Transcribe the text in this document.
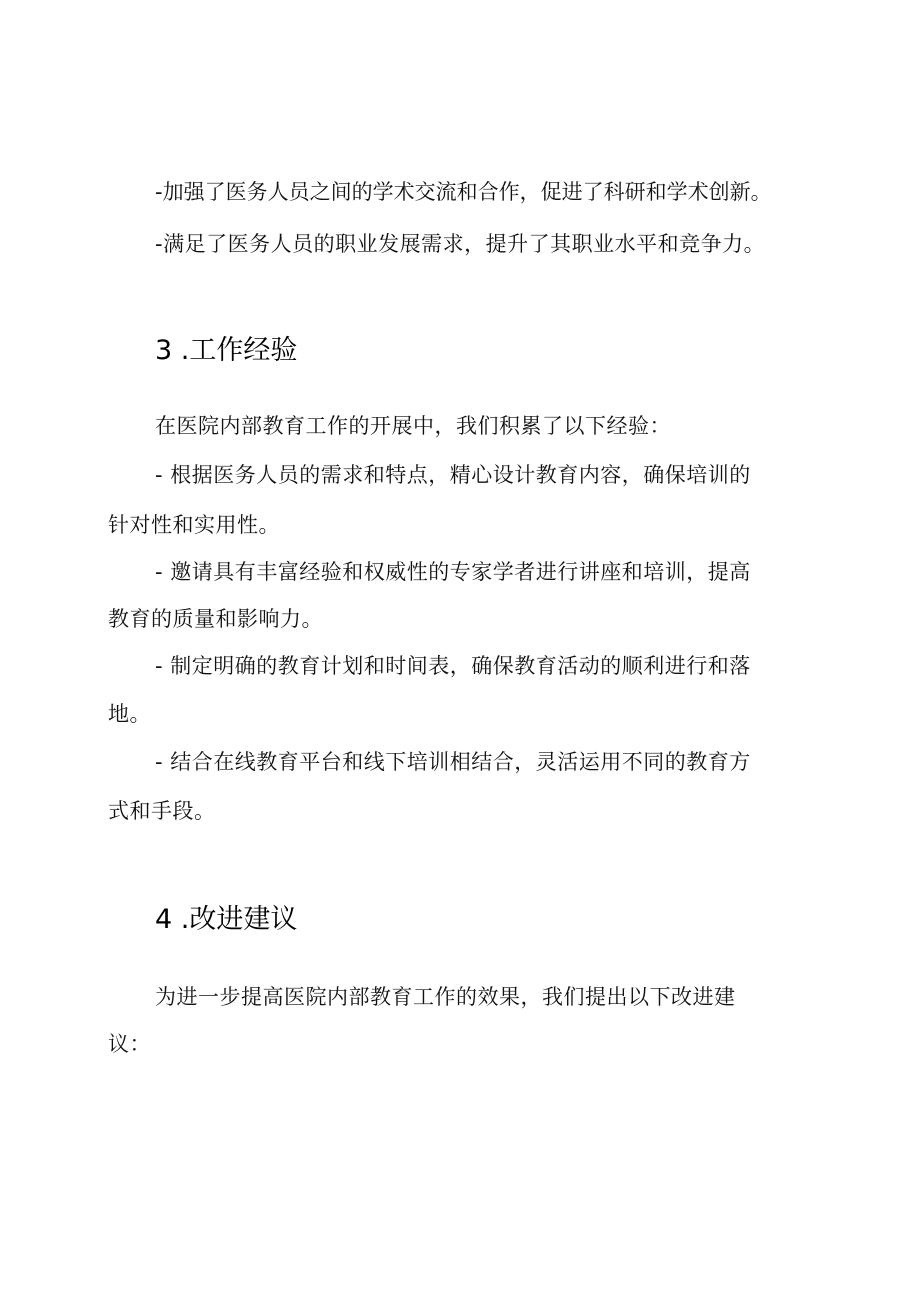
-加强了医务人员之间的学术交流和合作，促进了科研和学术创新。
-满足了医务人员的职业发展需求，提升了其职业水平和竞争力。
3 .工作经验
在医院内部教育工作的开展中，我们积累了以下经验：
- 根据医务人员的需求和特点，精心设计教育内容，确保培训的
针对性和实用性。
- 邀请具有丰富经验和权威性的专家学者进行讲座和培训，提高
教育的质量和影响力。
- 制定明确的教育计划和时间表，确保教育活动的顺利进行和落
地。
- 结合在线教育平台和线下培训相结合，灵活运用不同的教育方
式和手段。
4 .改进建议
为进一步提高医院内部教育工作的效果，我们提出以下改进建
议：
